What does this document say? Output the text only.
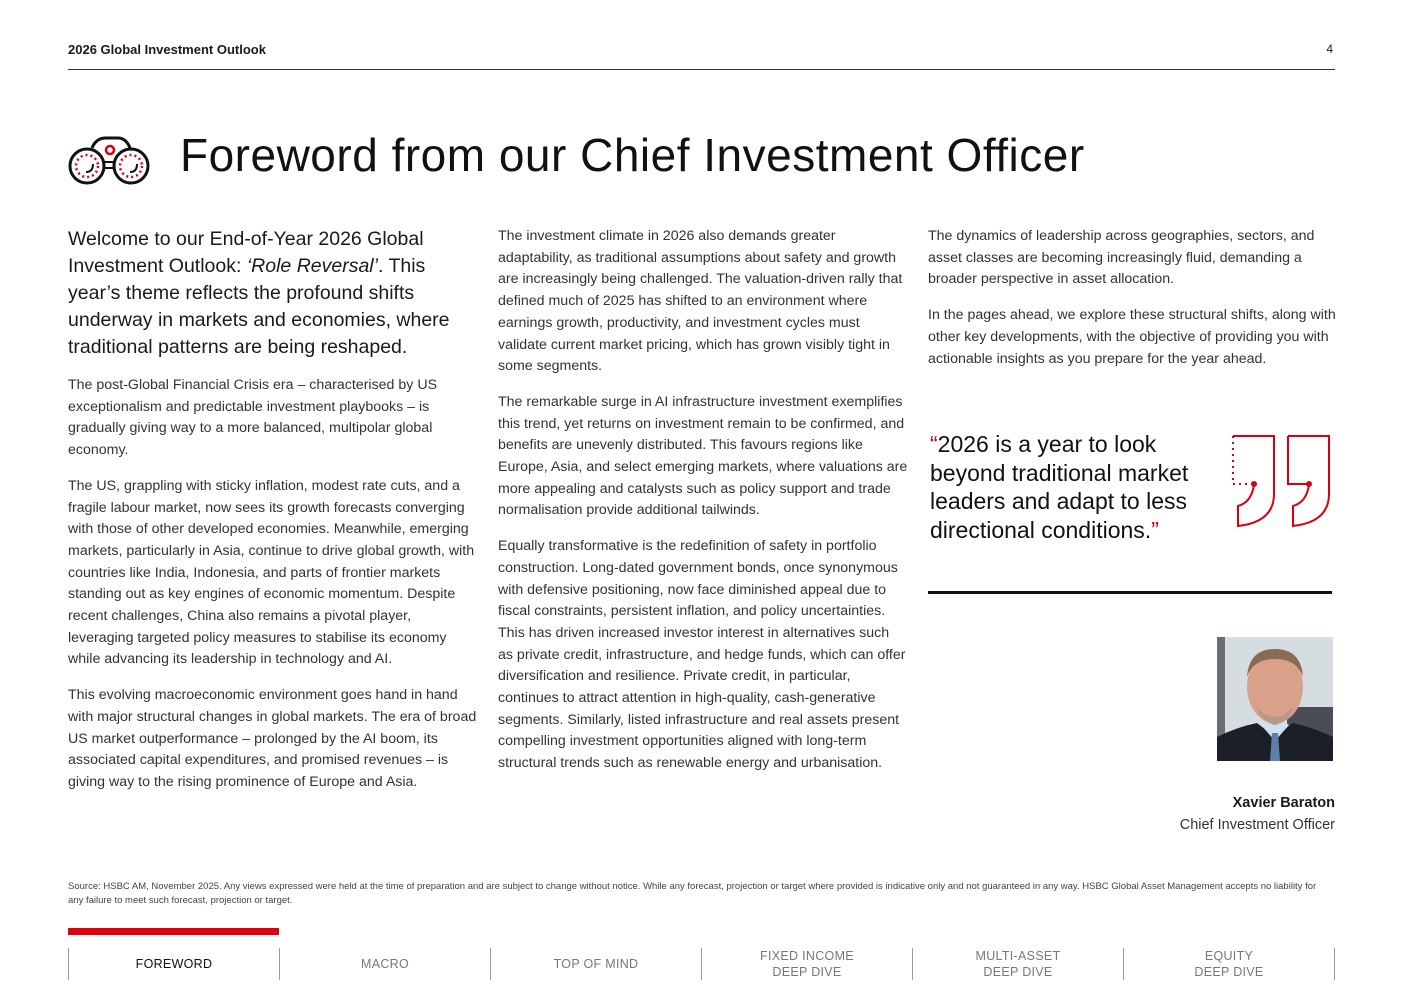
2026 Global Investment Outlook	4
Foreword from our Chief Investment Officer

Welcome to our End-of-Year 2026 Global Investment Outlook: ‘Role Reversal’. This year’s theme reflects the profound shifts underway in markets and economies, where traditional patterns are being reshaped.

The post-Global Financial Crisis era – characterised by US exceptionalism and predictable investment playbooks – is gradually giving way to a more balanced, multipolar global economy.

The US, grappling with sticky inflation, modest rate cuts, and a fragile labour market, now sees its growth forecasts converging with those of other developed economies. Meanwhile, emerging markets, particularly in Asia, continue to drive global growth, with countries like India, Indonesia, and parts of frontier markets standing out as key engines of economic momentum. Despite recent challenges, China also remains a pivotal player, leveraging targeted policy measures to stabilise its economy while advancing its leadership in technology and AI.

This evolving macroeconomic environment goes hand in hand with major structural changes in global markets. The era of broad US market outperformance – prolonged by the AI boom, its associated capital expenditures, and promised revenues – is giving way to the rising prominence of Europe and Asia.

The investment climate in 2026 also demands greater adaptability, as traditional assumptions about safety and growth are increasingly being challenged. The valuation-driven rally that defined much of 2025 has shifted to an environment where earnings growth, productivity, and investment cycles must validate current market pricing, which has grown visibly tight in some segments.

The remarkable surge in AI infrastructure investment exemplifies this trend, yet returns on investment remain to be confirmed, and benefits are unevenly distributed. This favours regions like Europe, Asia, and select emerging markets, where valuations are more appealing and catalysts such as policy support and trade normalisation provide additional tailwinds.

Equally transformative is the redefinition of safety in portfolio construction. Long-dated government bonds, once synonymous with defensive positioning, now face diminished appeal due to fiscal constraints, persistent inflation, and policy uncertainties. This has driven increased investor interest in alternatives such as private credit, infrastructure, and hedge funds, which can offer diversification and resilience. Private credit, in particular, continues to attract attention in high-quality, cash-generative segments. Similarly, listed infrastructure and real assets present compelling investment opportunities aligned with long-term structural trends such as renewable energy and urbanisation.

The dynamics of leadership across geographies, sectors, and asset classes are becoming increasingly fluid, demanding a broader perspective in asset allocation.

In the pages ahead, we explore these structural shifts, along with other key developments, with the objective of providing you with actionable insights as you prepare for the year ahead.

“2026 is a year to look beyond traditional market leaders and adapt to less directional conditions.”
Xavier Baraton
Chief Investment Officer
Source: HSBC AM, November 2025. Any views expressed were held at the time of preparation and are subject to change without notice. While any forecast, projection or target where provided is indicative only and not guaranteed in any way. HSBC Global Asset Management accepts no liability for any failure to meet such forecast, projection or target.
FOREWORD	MACRO	TOP OF MIND
FIXED INCOME
DEEP DIVE
MULTI-ASSET
DEEP DIVE
EQUITY
DEEP DIVE
